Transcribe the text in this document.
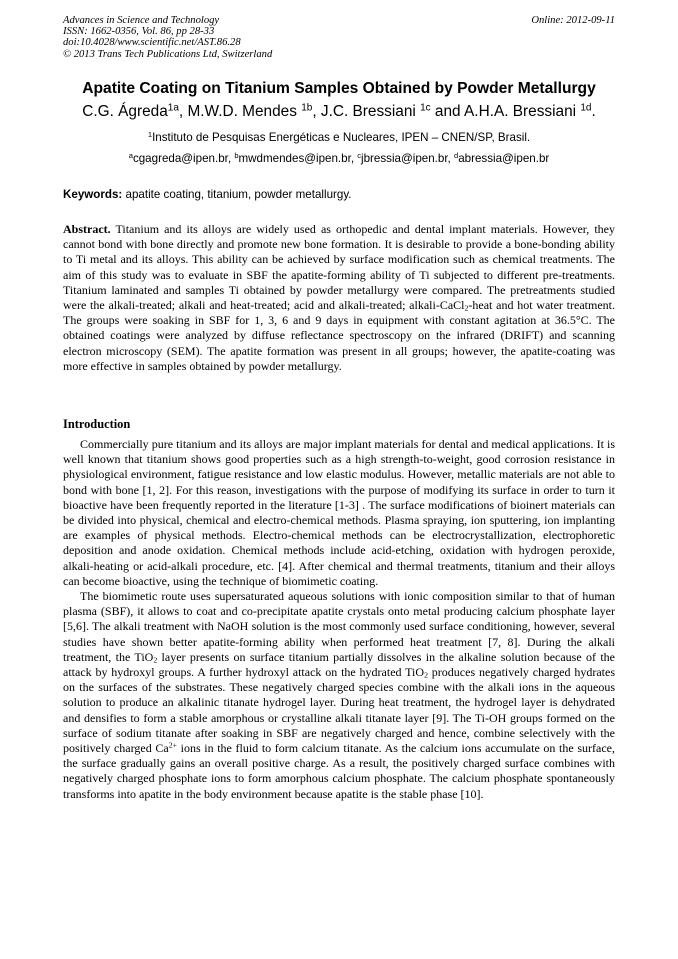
Advances in Science and Technology
ISSN: 1662-0356, Vol. 86, pp 28-33
doi:10.4028/www.scientific.net/AST.86.28
© 2013 Trans Tech Publications Ltd, Switzerland
Online: 2012-09-11
Apatite Coating on Titanium Samples Obtained by Powder Metallurgy
C.G. Ágreda$^{1a}$, M.W.D. Mendes $^{1b}$, J.C. Bressiani $^{1c}$ and A.H.A. Bressiani $^{1d}$.
$^1$Instituto de Pesquisas Energéticas e Nucleares, IPEN – CNEN/SP, Brasil.
$^a$cgagreda@ipen.br, $^b$mwdmendes@ipen.br, $^c$jbressia@ipen.br, $^d$abressia@ipen.br
Keywords: apatite coating, titanium, powder metallurgy.
Abstract. Titanium and its alloys are widely used as orthopedic and dental implant materials. However, they cannot bond with bone directly and promote new bone formation. It is desirable to provide a bone-bonding ability to Ti metal and its alloys. This ability can be achieved by surface modification such as chemical treatments. The aim of this study was to evaluate in SBF the apatite-forming ability of Ti subjected to different pre-treatments. Titanium laminated and samples Ti obtained by powder metallurgy were compared. The pretreatments studied were the alkali-treated; alkali and heat-treated; acid and alkali-treated; alkali-CaCl$_2$-heat and hot water treatment. The groups were soaking in SBF for 1, 3, 6 and 9 days in equipment with constant agitation at 36.5°C. The obtained coatings were analyzed by diffuse reflectance spectroscopy on the infrared (DRIFT) and scanning electron microscopy (SEM). The apatite formation was present in all groups; however, the apatite-coating was more effective in samples obtained by powder metallurgy.
Introduction

Commercially pure titanium and its alloys are major implant materials for dental and medical applications. It is well known that titanium shows good properties such as a high strength-to-weight, good corrosion resistance in physiological environment, fatigue resistance and low elastic modulus. However, metallic materials are not able to bond with bone [1, 2]. For this reason, investigations with the purpose of modifying its surface in order to turn it bioactive have been frequently reported in the literature [1-3] . The surface modifications of bioinert materials can be divided into physical, chemical and electro-chemical methods. Plasma spraying, ion sputtering, ion implanting are examples of physical methods. Electro-chemical methods can be electrocrystallization, electrophoretic deposition and anode oxidation. Chemical methods include acid-etching, oxidation with hydrogen peroxide, alkali-heating or acid-alkali procedure, etc. [4]. After chemical and thermal treatments, titanium and their alloys can become bioactive, using the technique of biomimetic coating.

The biomimetic route uses supersaturated aqueous solutions with ionic composition similar to that of human plasma (SBF), it allows to coat and co-precipitate apatite crystals onto metal producing calcium phosphate layer [5,6]. The alkali treatment with NaOH solution is the most commonly used surface conditioning, however, several studies have shown better apatite-forming ability when performed heat treatment [7, 8]. During the alkali treatment, the TiO$_2$ layer presents on surface titanium partially dissolves in the alkaline solution because of the attack by hydroxyl groups. A further hydroxyl attack on the hydrated TiO$_2$ produces negatively charged hydrates on the surfaces of the substrates. These negatively charged species combine with the alkali ions in the aqueous solution to produce an alkalinic titanate hydrogel layer. During heat treatment, the hydrogel layer is dehydrated and densifies to form a stable amorphous or crystalline alkali titanate layer [9]. The Ti-OH groups formed on the surface of sodium titanate after soaking in SBF are negatively charged and hence, combine selectively with the positively charged $Ca^{2+}$ ions in the fluid to form calcium titanate. As the calcium ions accumulate on the surface, the surface gradually gains an overall positive charge. As a result, the positively charged surface combines with negatively charged phosphate ions to form amorphous calcium phosphate. The calcium phosphate spontaneously transforms into apatite in the body environment because apatite is the stable phase [10].
